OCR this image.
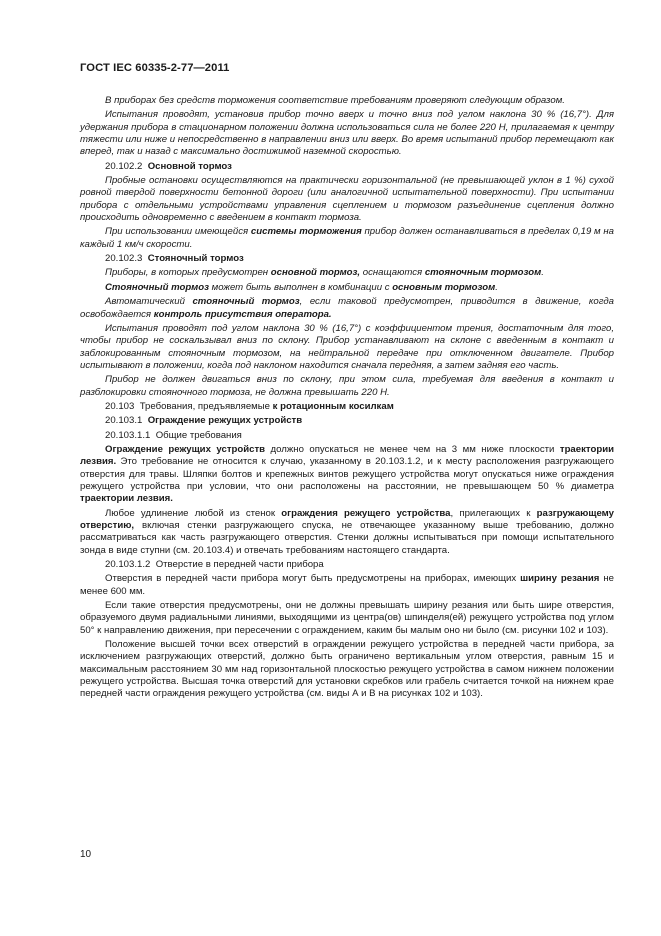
ГОСТ IEC 60335-2-77—2011

В приборах без средств торможения соответствие требованиям проверяют следующим образом.

Испытания проводят, установив прибор точно вверх и точно вниз под углом наклона 30 % (16,7°). Для удержания прибора в стационарном положении должна использоваться сила не более 220 Н, прилагаемая к центру тяжести или ниже и непосредственно в направлении вниз или вверх. Во время испытаний прибор перемещают как вперед, так и назад с максимально достижимой наземной скоростью.

20.102.2 Основной тормоз

Пробные остановки осуществляются на практически горизонтальной (не превышающей уклон в 1 %) сухой ровной твердой поверхности бетонной дороги (или аналогичной испытательной поверхности). При испытании прибора с отдельными устройствами управления сцеплением и тормозом разъединение сцепления должно происходить одновременно с введением в контакт тормоза.

При использовании имеющейся системы торможения прибор должен останавливаться в пределах 0,19 м на каждый 1 км/ч скорости.

20.102.3 Стояночный тормоз

Приборы, в которых предусмотрен основной тормоз, оснащаются стояночным тормозом.

Стояночный тормоз может быть выполнен в комбинации с основным тормозом.

Автоматический стояночный тормоз, если таковой предусмотрен, приводится в движение, когда освобождается контроль присутствия оператора.

Испытания проводят под углом наклона 30 % (16,7°) с коэффициентом трения, достаточным для того, чтобы прибор не соскальзывал вниз по склону. Прибор устанавливают на склоне с введенным в контакт и заблокированным стояночным тормозом, на нейтральной передаче при отключенном двигателе. Прибор испытывают в положении, когда под наклоном находится сначала передняя, а затем задняя его часть.

Прибор не должен двигаться вниз по склону, при этом сила, требуемая для введения в контакт и разблокировки стояночного тормоза, не должна превышать 220 Н.

20.103 Требования, предъявляемые к ротационным косилкам

20.103.1 Ограждение режущих устройств

20.103.1.1 Общие требования

Ограждение режущих устройств должно опускаться не менее чем на 3 мм ниже плоскости траектории лезвия. Это требование не относится к случаю, указанному в 20.103.1.2, и к месту расположения разгружающего отверстия для травы. Шляпки болтов и крепежных винтов режущего устройства могут опускаться ниже ограждения режущего устройства при условии, что они расположены на расстоянии, не превышающем 50 % диаметра траектории лезвия.

Любое удлинение любой из стенок ограждения режущего устройства, прилегающих к разгружающему отверстию, включая стенки разгружающего спуска, не отвечающее указанному выше требованию, должно рассматриваться как часть разгружающего отверстия. Стенки должны испытываться при помощи испытательного зонда в виде ступни (см. 20.103.4) и отвечать требованиям настоящего стандарта.

20.103.1.2 Отверстие в передней части прибора

Отверстия в передней части прибора могут быть предусмотрены на приборах, имеющих ширину резания не менее 600 мм.

Если такие отверстия предусмотрены, они не должны превышать ширину резания или быть шире отверстия, образуемого двумя радиальными линиями, выходящими из центра(ов) шпинделя(ей) режущего устройства под углом 50° к направлению движения, при пересечении с ограждением, каким бы малым оно ни было (см. рисунки 102 и 103).

Положение высшей точки всех отверстий в ограждении режущего устройства в передней части прибора, за исключением разгружающих отверстий, должно быть ограничено вертикальным углом отверстия, равным 15 и максимальным расстоянием 30 мм над горизонтальной плоскостью режущего устройства в самом нижнем положении режущего устройства. Высшая точка отверстий для установки скребков или грабель считается точкой на нижнем крае передней части ограждения режущего устройства (см. виды А и В на рисунках 102 и 103).

10
